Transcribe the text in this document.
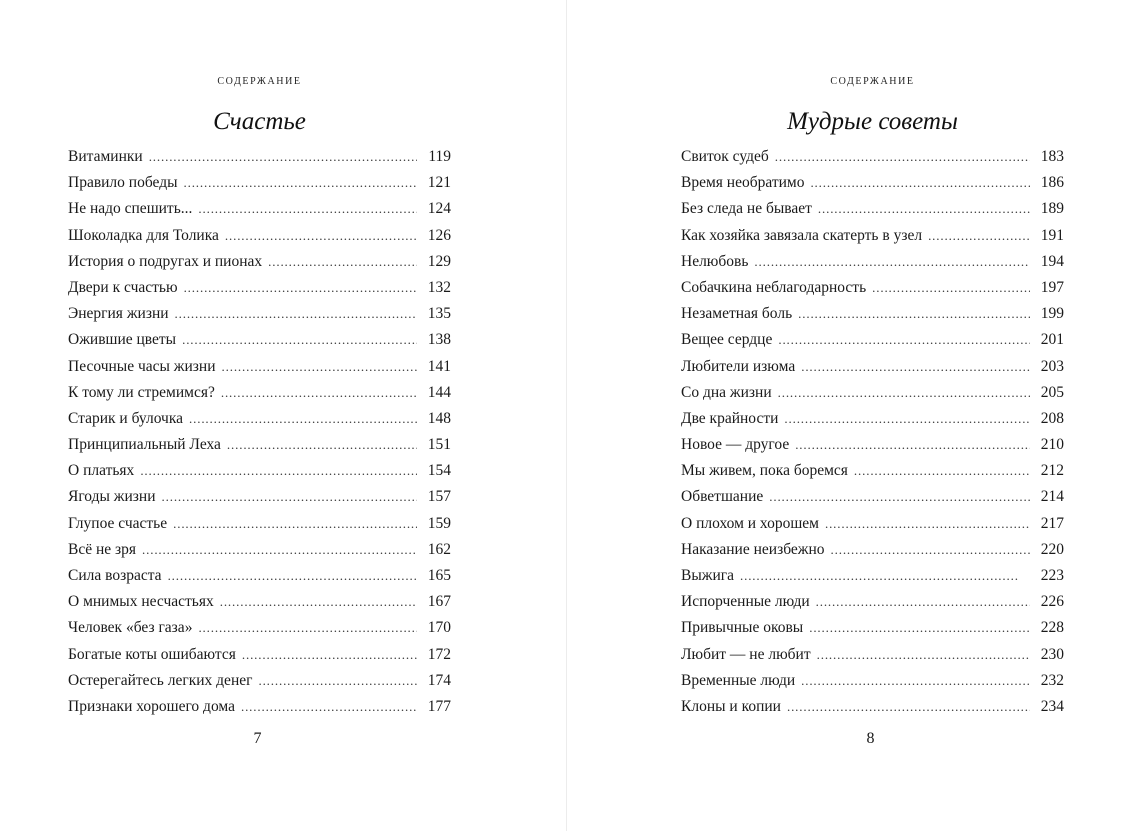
содержание
Счастье
Витаминки . . .	119
Правило победы . . .	121
Не надо спешить... . . .	124
Шоколадка для Толика . . .	126
История о подругах и пионах . . .	129
Двери к счастью . . .	132
Энергия жизни . . .	135
Ожившие цветы . . .	138
Песочные часы жизни . . .	141
К тому ли стремимся? . . .	144
Старик и булочка . . .	148
Принципиальный Леха . . .	151
О платьях . . .	154
Ягоды жизни . . .	157
Глупое счастье . . .	159
Всё не зря . . .	162
Сила возраста . . .	165
О мнимых несчастьях . . .	167
Человек «без газа» . . .	170
Богатые коты ошибаются . . .	172
Остерегайтесь легких денег . . .	174
Признаки хорошего дома . . .	177
7
содержание
Мудрые советы
Свиток судеб . . .	183
Время необратимо . . .	186
Без следа не бывает . . .	189
Как хозяйка завязала скатерть в узел . . .	191
Нелюбовь . . .	194
Собачкина неблагодарность . . .	197
Незаметная боль . . .	199
Вещее сердце . . .	201
Любители изюма . . .	203
Со дна жизни . . .	205
Две крайности . . .	208
Новое — другое . . .	210
Мы живем, пока боремся . . .	212
Обветшание . . .	214
О плохом и хорошем . . .	217
Наказание неизбежно . . .	220
Выжига . . .	223
Испорченные люди . . .	226
Привычные оковы . . .	228
Любит — не любит . . .	230
Временные люди . . .	232
Клоны и копии . . .	234
8
